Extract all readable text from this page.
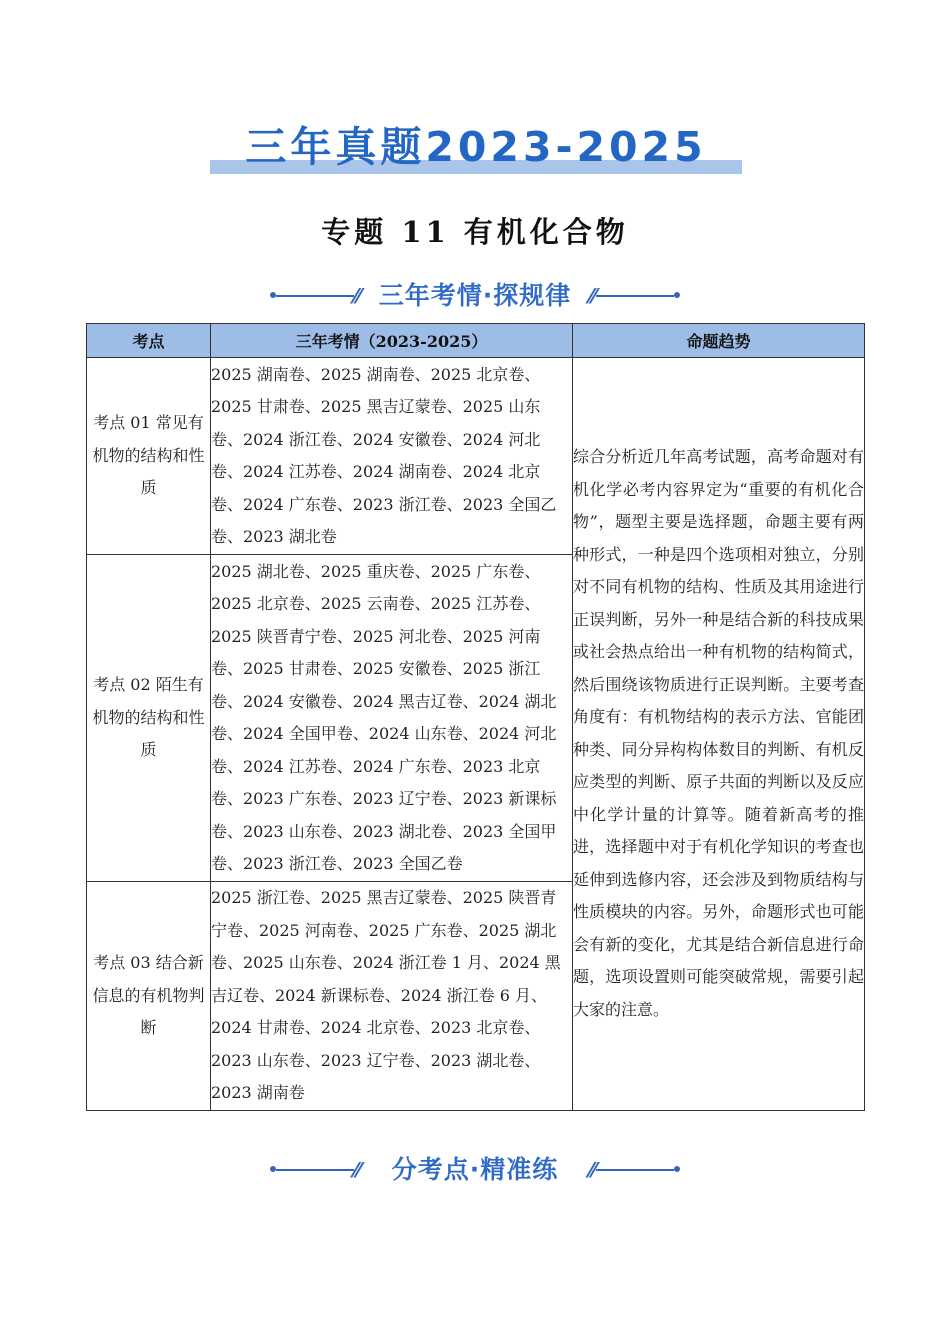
三年真题2023-2025
专题 11 有机化合物
⁄⁄ 三年考情·探规律 ⁄⁄
考点	三年考情（2023-2025）	命题趋势
考点 01 常见有机物的结构和性质	2025 湖南卷、2025 湖南卷、2025 北京卷、2025 甘肃卷、2025 黑吉辽蒙卷、2025 山东卷、2024 浙江卷、2024 安徽卷、2024 河北卷、2024 江苏卷、2024 湖南卷、2024 北京卷、2024 广东卷、2023 浙江卷、2023 全国乙卷、2023 湖北卷	综合分析近几年高考试题，高考命题对有机化学必考内容界定为“重要的有机化合物”，题型主要是选择题，命题主要有两种形式，一种是四个选项相对独立，分别对不同有机物的结构、性质及其用途进行正误判断，另外一种是结合新的科技成果或社会热点给出一种有机物的结构简式，然后围绕该物质进行正误判断。主要考查角度有：有机物结构的表示方法、官能团种类、同分异构构体数目的判断、有机反应类型的判断、原子共面的判断以及反应中化学计量的计算等。随着新高考的推进，选择题中对于有机化学知识的考查也延伸到选修内容，还会涉及到物质结构与性质模块的内容。另外，命题形式也可能会有新的变化，尤其是结合新信息进行命题，选项设置则可能突破常规，需要引起大家的注意。
考点 02 陌生有机物的结构和性质	2025 湖北卷、2025 重庆卷、2025 广东卷、2025 北京卷、2025 云南卷、2025 江苏卷、2025 陕晋青宁卷、2025 河北卷、2025 河南卷、2025 甘肃卷、2025 安徽卷、2025 浙江卷、2024 安徽卷、2024 黑吉辽卷、2024 湖北卷、2024 全国甲卷、2024 山东卷、2024 河北卷、2024 江苏卷、2024 广东卷、2023 北京卷、2023 广东卷、2023 辽宁卷、2023 新课标卷、2023 山东卷、2023 湖北卷、2023 全国甲卷、2023 浙江卷、2023 全国乙卷	
考点 03 结合新信息的有机物判断	2025 浙江卷、2025 黑吉辽蒙卷、2025 陕晋青宁卷、2025 河南卷、2025 广东卷、2025 湖北卷、2025 山东卷、2024 浙江卷 1 月、2024 黑吉辽卷、2024 新课标卷、2024 浙江卷 6 月、2024 甘肃卷、2024 北京卷、2023 北京卷、2023 山东卷、2023 辽宁卷、2023 湖北卷、2023 湖南卷	
⁄⁄	分考点·精准练	⁄⁄
